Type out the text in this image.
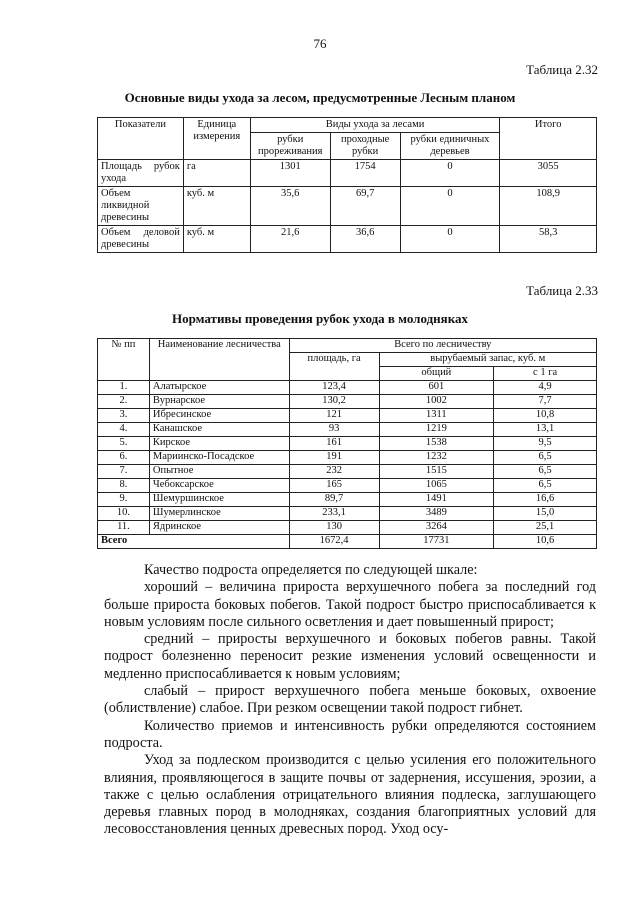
76
Таблица 2.32
Основные виды ухода за лесом, предусмотренные Лесным планом
Показатели	Единица измерения	Виды ухода за лесами			Итого
		рубки прореживания	проходные рубки	рубки единичных деревьев	
Площадь рубок ухода	га	1301	1754	0	3055
Объем ликвидной древесины	куб. м	35,6	69,7	0	108,9
Объем деловой древесины	куб. м	21,6	36,6	0	58,3
Таблица 2.33
Нормативы проведения рубок ухода в молодняках
№ пп	Наименование лесничества	Всего по лесничеству		
		площадь, га	вырубаемый запас, куб. м	
			общий	с 1 га
1.	Алатырское	123,4	601	4,9
2.	Вурнарское	130,2	1002	7,7
3.	Ибресинское	121	1311	10,8
4.	Канашское	93	1219	13,1
5.	Кирское	161	1538	9,5
6.	Мариинско-Посадское	191	1232	6,5
7.	Опытное	232	1515	6,5
8.	Чебоксарское	165	1065	6,5
9.	Шемуршинское	89,7	1491	16,6
10.	Шумерлинское	233,1	3489	15,0
11.	Ядринское	130	3264	25,1
Всего		1672,4	17731	10,6

Качество подроста определяется по следующей шкале:

хороший – величина прироста верхушечного побега за последний год больше прироста боковых побегов. Такой подрост быстро приспосабливается к новым условиям после сильного осветления и дает повышенный прирост;

средний – приросты верхушечного и боковых побегов равны. Такой подрост болезненно переносит резкие изменения условий освещенности и медленно приспосабливается к новым условиям;

слабый – прирост верхушечного побега меньше боковых, охвоение (облиствление) слабое. При резком освещении такой подрост гибнет.

Количество приемов и интенсивность рубки определяются состоянием подроста.

Уход за подлеском производится с целью усиления его положительного влияния, проявляющегося в защите почвы от задернения, иссушения, эрозии, а также с целью ослабления отрицательного влияния подлеска, заглушающего деревья главных пород в молодняках, создания благоприятных условий для лесовосстановления ценных древесных пород. Уход осу-
